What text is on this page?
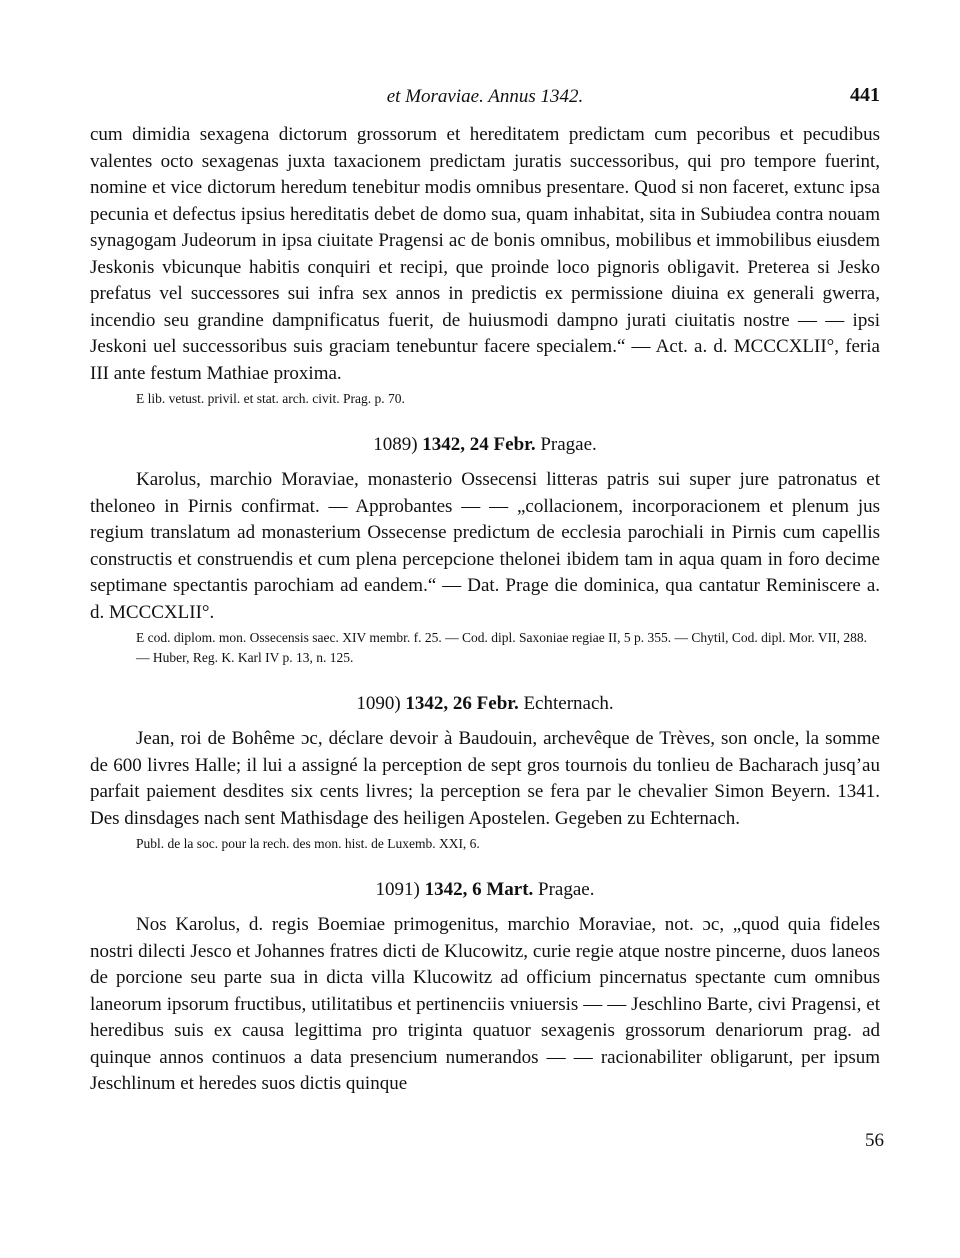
et Moraviae. Annus 1342.	441

cum dimidia sexagena dictorum grossorum et hereditatem predictam cum pecoribus et pecudibus valentes octo sexagenas juxta taxacionem predictam juratis successoribus, qui pro tempore fuerint, nomine et vice dictorum heredum tenebitur modis omnibus presentare. Quod si non faceret, extunc ipsa pecunia et defectus ipsius hereditatis debet de domo sua, quam inhabitat, sita in Subiudea contra nouam synagogam Judeorum in ipsa ciuitate Pragensi ac de bonis omnibus, mobilibus et immobilibus eiusdem Jeskonis vbicunque habitis conquiri et recipi, que proinde loco pignoris obligavit. Preterea si Jesko prefatus vel successores sui infra sex annos in predictis ex permissione diuina ex generali gwerra, incendio seu grandine dampnificatus fuerit, de huiusmodi dampno jurati ciuitatis nostre — — ipsi Jeskoni uel successoribus suis graciam tenebuntur facere specialem.“ — Act. a. d. MCCCXLII°, feria III ante festum Mathiae proxima.

E lib. vetust. privil. et stat. arch. civit. Prag. p. 70.

1089) 1342, 24 Febr. Pragae.

Karolus, marchio Moraviae, monasterio Ossecensi litteras patris sui super jure patronatus et theloneo in Pirnis confirmat. — Approbantes — — „collacionem, incorporacionem et plenum jus regium translatum ad monasterium Ossecense predictum de ecclesia parochiali in Pirnis cum capellis constructis et construendis et cum plena percepcione thelonei ibidem tam in aqua quam in foro decime septimane spectantis parochiam ad eandem.“ — Dat. Prage die dominica, qua cantatur Reminiscere a. d. MCCCXLII°.

E cod. diplom. mon. Ossecensis saec. XIV membr. f. 25. — Cod. dipl. Saxoniae regiae II, 5 p. 355. — Chytil, Cod. dipl. Mor. VII, 288. — Huber, Reg. K. Karl IV p. 13, n. 125.

1090) 1342, 26 Febr. Echternach.

Jean, roi de Bohême ɔc, déclare devoir à Baudouin, archevêque de Trèves, son oncle, la somme de 600 livres Halle; il lui a assigné la perception de sept gros tournois du tonlieu de Bacharach jusq’au parfait paiement desdites six cents livres; la perception se fera par le chevalier Simon Beyern. 1341. Des dinsdages nach sent Mathisdage des heiligen Apostelen. Gegeben zu Echternach.

Publ. de la soc. pour la rech. des mon. hist. de Luxemb. XXI, 6.

1091) 1342, 6 Mart. Pragae.

Nos Karolus, d. regis Boemiae primogenitus, marchio Moraviae, not. ɔc, „quod quia fideles nostri dilecti Jesco et Johannes fratres dicti de Klucowitz, curie regie atque nostre pincerne, duos laneos de porcione seu parte sua in dicta villa Klucowitz ad officium pincernatus spectante cum omnibus laneorum ipsorum fructibus, utilitatibus et pertinenciis vniuersis — — Jeschlino Barte, civi Pragensi, et heredibus suis ex causa legittima pro triginta quatuor sexagenis grossorum denariorum prag. ad quinque annos continuos a data presencium numerandos — — racionabiliter obligarunt, per ipsum Jeschlinum et heredes suos dictis quinque

56
